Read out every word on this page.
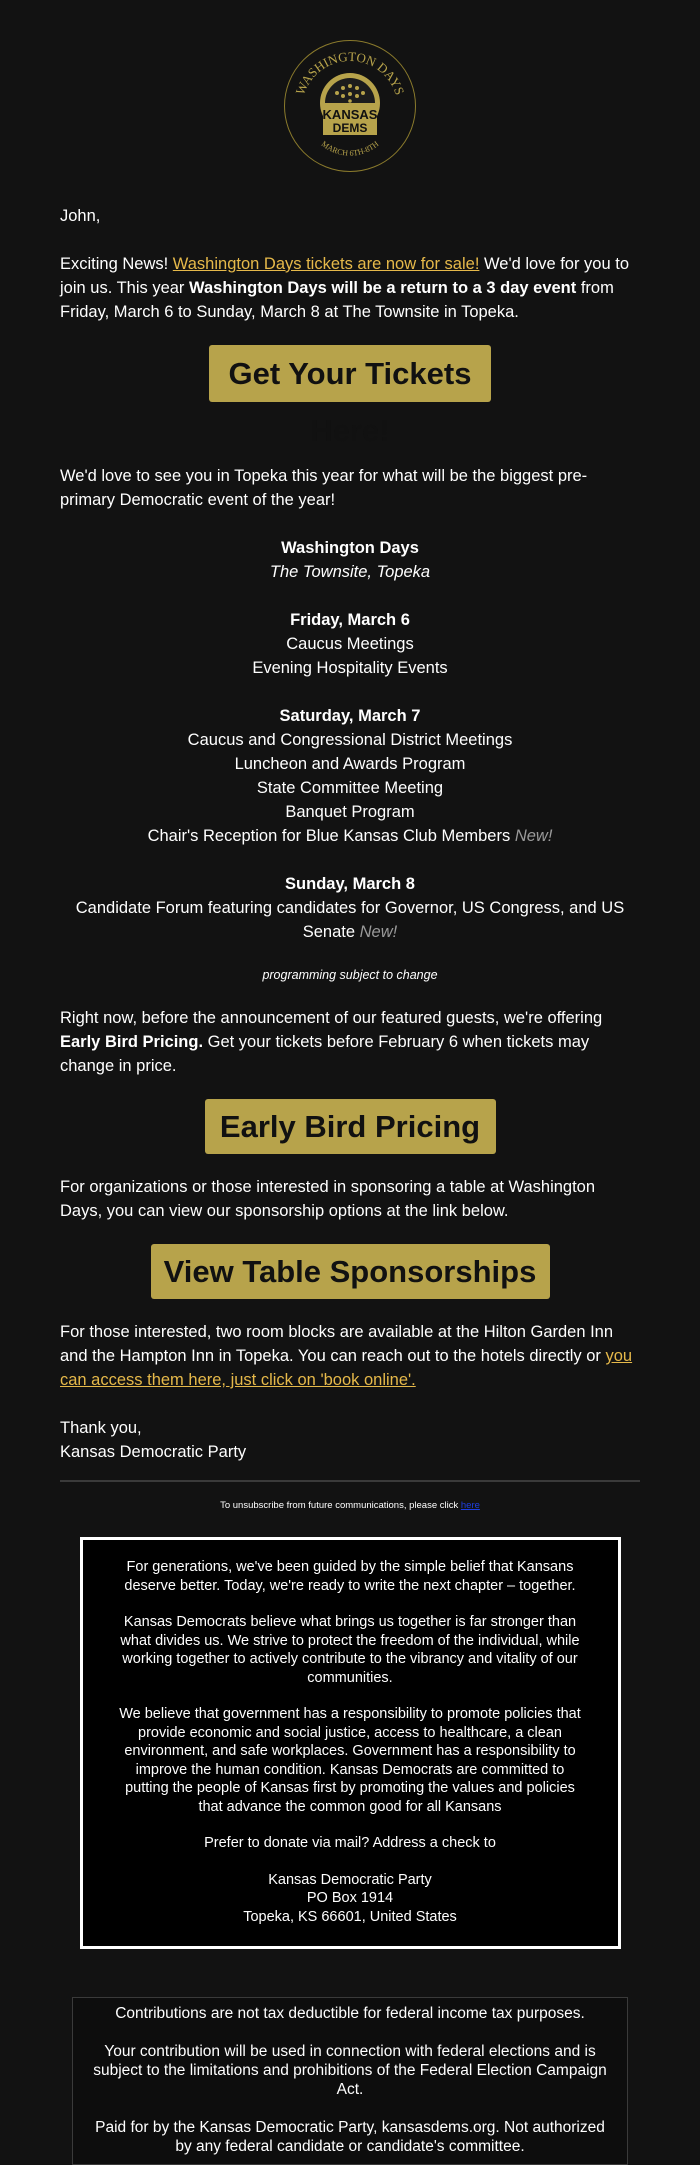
WASHINGTON DAYS
MARCH 6TH-8TH
KANSAS
DEMS

John,

Exciting News! Washington Days tickets are now for sale! We'd love for you to join us. This year Washington Days will be a return to a 3 day event from Friday, March 6 to Sunday, March 8 at The Townsite in Topeka.

Get Your Tickets Here!

We'd love to see you in Topeka this year for what will be the biggest pre-primary Democratic event of the year!

Washington Days
The Townsite, Topeka
Friday, March 6
Caucus Meetings
Evening Hospitality Events
Saturday, March 7
Caucus and Congressional District Meetings
Luncheon and Awards Program
State Committee Meeting
Banquet Program
Chair's Reception for Blue Kansas Club Members New!
Sunday, March 8
Candidate Forum featuring candidates for Governor, US Congress, and US Senate New!
programming subject to change

Right now, before the announcement of our featured guests, we're offering Early Bird Pricing. Get your tickets before February 6 when tickets may change in price.

Early Bird Pricing

For organizations or those interested in sponsoring a table at Washington Days, you can view our sponsorship options at the link below.

View Table Sponsorships

For those interested, two room blocks are available at the Hilton Garden Inn and the Hampton Inn in Topeka. You can reach out to the hotels directly or you can access them here, just click on 'book online'.

Thank you,

Kansas Democratic Party

To unsubscribe from future communications, please click here

For generations, we've been guided by the simple belief that Kansans deserve better. Today, we're ready to write the next chapter – together.

Kansas Democrats believe what brings us together is far stronger than what divides us. We strive to protect the freedom of the individual, while working together to actively contribute to the vibrancy and vitality of our communities.

We believe that government has a responsibility to promote policies that provide economic and social justice, access to healthcare, a clean environment, and safe workplaces. Government has a responsibility to improve the human condition. Kansas Democrats are committed to putting the people of Kansas first by promoting the values and policies that advance the common good for all Kansans

Prefer to donate via mail? Address a check to

Kansas Democratic Party

PO Box 1914

Topeka, KS 66601, United States

Contributions are not tax deductible for federal income tax purposes.

Your contribution will be used in connection with federal elections and is subject to the limitations and prohibitions of the Federal Election Campaign Act.

Paid for by the Kansas Democratic Party, kansasdems.org. Not authorized by any federal candidate or candidate's committee.
